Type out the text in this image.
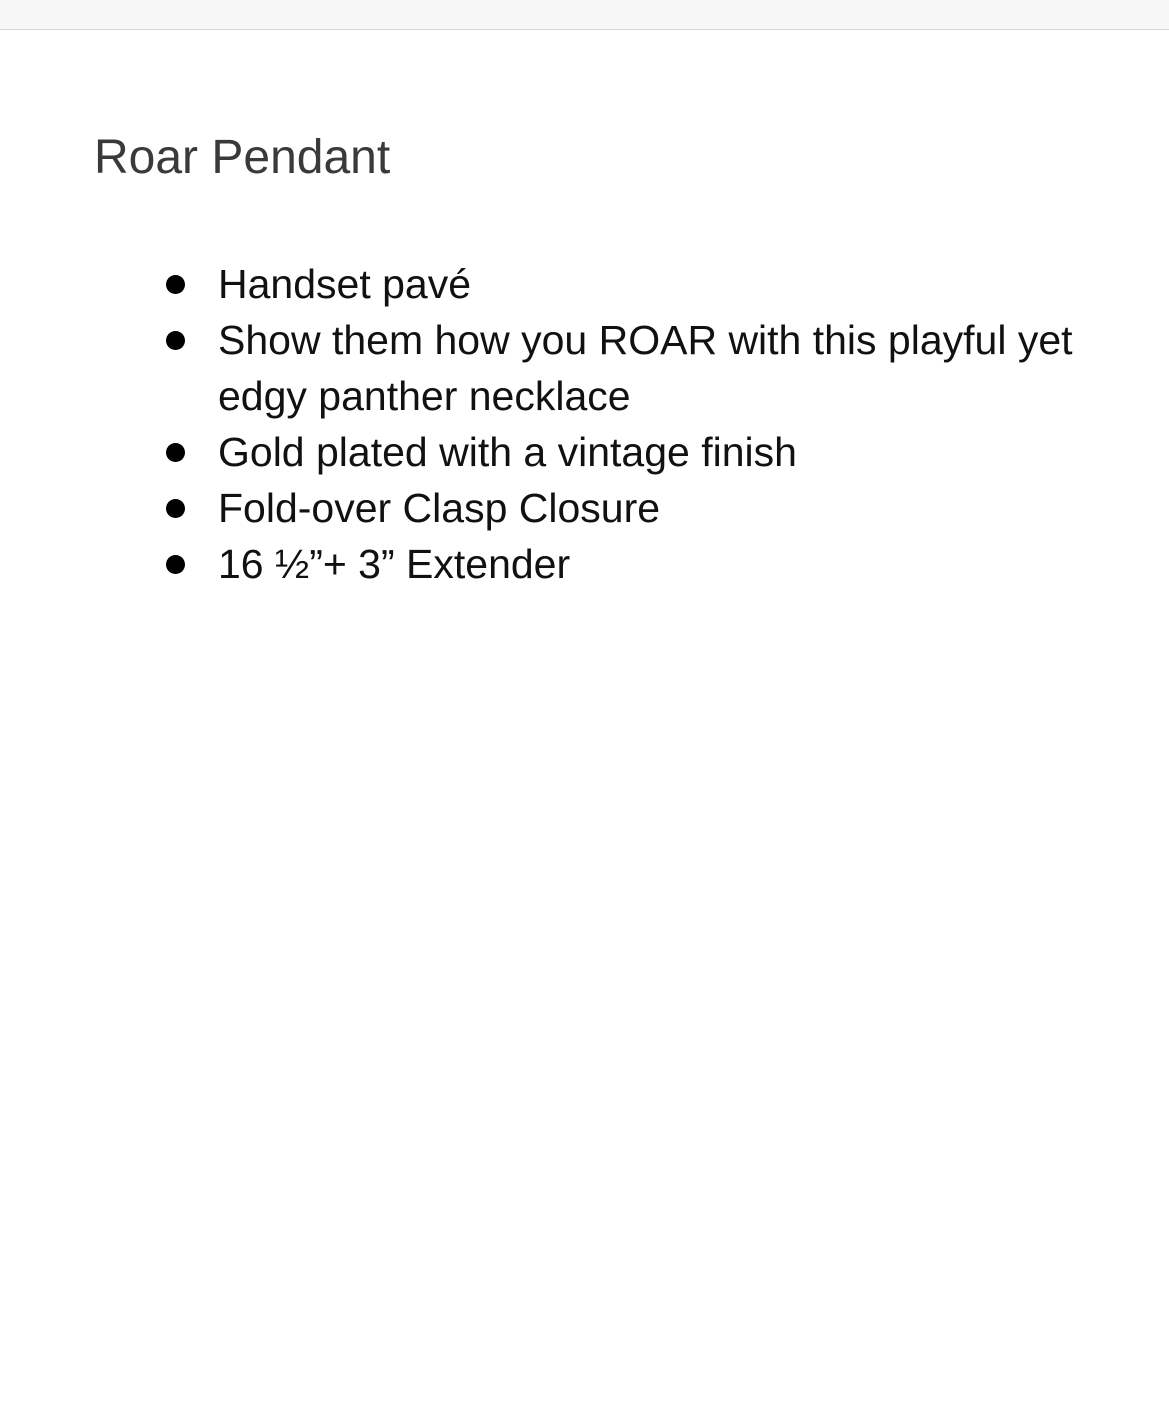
Roar Pendant
Handset pavé
Show them how you ROAR with this playful yet edgy panther necklace
Gold plated with a vintage finish
Fold-over Clasp Closure
16 ½”+ 3” Extender
